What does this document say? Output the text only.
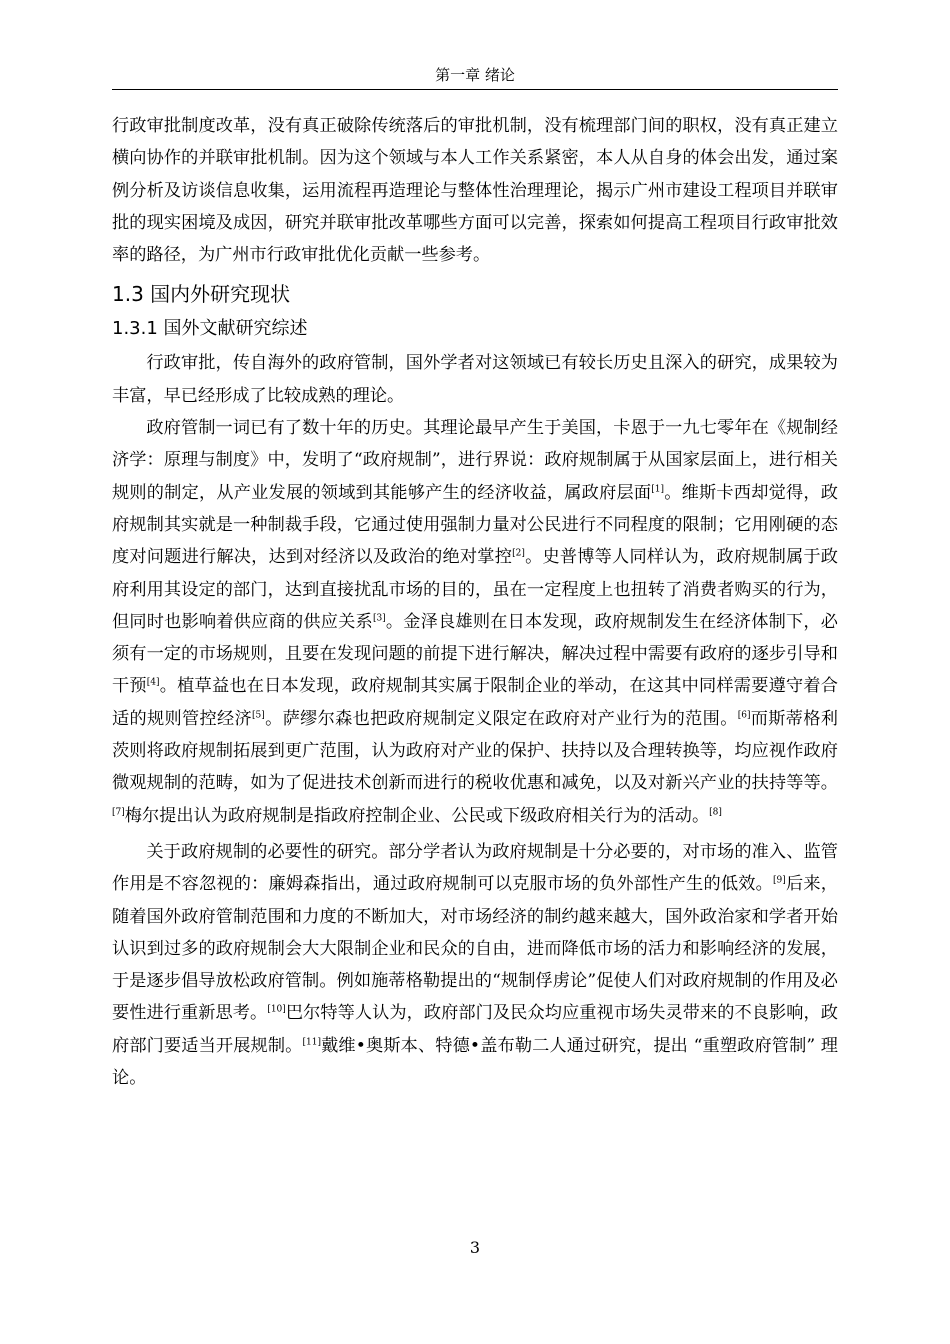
第一章 绪论

行政审批制度改革，没有真正破除传统落后的审批机制，没有梳理部门间的职权，没有真正建立横向协作的并联审批机制。因为这个领域与本人工作关系紧密，本人从自身的体会出发，通过案例分析及访谈信息收集，运用流程再造理论与整体性治理理论，揭示广州市建设工程项目并联审批的现实困境及成因，研究并联审批改革哪些方面可以完善，探索如何提高工程项目行政审批效率的路径，为广州市行政审批优化贡献一些参考。

1.3 国内外研究现状
1.3.1 国外文献研究综述

行政审批，传自海外的政府管制，国外学者对这领域已有较长历史且深入的研究，成果较为丰富，早已经形成了比较成熟的理论。

政府管制一词已有了数十年的历史。其理论最早产生于美国，卡恩于一九七零年在《规制经济学：原理与制度》中，发明了“政府规制”，进行界说：政府规制属于从国家层面上，进行相关规则的制定，从产业发展的领域到其能够产生的经济收益，属政府层面[1]。维斯卡西却觉得，政府规制其实就是一种制裁手段，它通过使用强制力量对公民进行不同程度的限制；它用刚硬的态度对问题进行解决，达到对经济以及政治的绝对掌控[2]。史普博等人同样认为，政府规制属于政府利用其设定的部门，达到直接扰乱市场的目的，虽在一定程度上也扭转了消费者购买的行为，但同时也影响着供应商的供应关系[3]。金泽良雄则在日本发现，政府规制发生在经济体制下，必须有一定的市场规则，且要在发现问题的前提下进行解决，解决过程中需要有政府的逐步引导和干预[4]。植草益也在日本发现，政府规制其实属于限制企业的举动，在这其中同样需要遵守着合适的规则管控经济[5]。萨缪尔森也把政府规制定义限定在政府对产业行为的范围。[6]而斯蒂格利茨则将政府规制拓展到更广范围，认为政府对产业的保护、扶持以及合理转换等，均应视作政府微观规制的范畴，如为了促进技术创新而进行的税收优惠和减免，以及对新兴产业的扶持等等。[7]梅尔提出认为政府规制是指政府控制企业、公民或下级政府相关行为的活动。[8]

关于政府规制的必要性的研究。部分学者认为政府规制是十分必要的，对市场的准入、监管作用是不容忽视的：廉姆森指出，通过政府规制可以克服市场的负外部性产生的低效。[9]后来，随着国外政府管制范围和力度的不断加大，对市场经济的制约越来越大，国外政治家和学者开始认识到过多的政府规制会大大限制企业和民众的自由，进而降低市场的活力和影响经济的发展，于是逐步倡导放松政府管制。例如施蒂格勒提出的“规制俘虏论”促使人们对政府规制的作用及必要性进行重新思考。[10]巴尔特等人认为，政府部门及民众均应重视市场失灵带来的不良影响，政府部门要适当开展规制。[11]戴维•奥斯本、特德•盖布勒二人通过研究，提出 “重塑政府管制” 理论。

3
